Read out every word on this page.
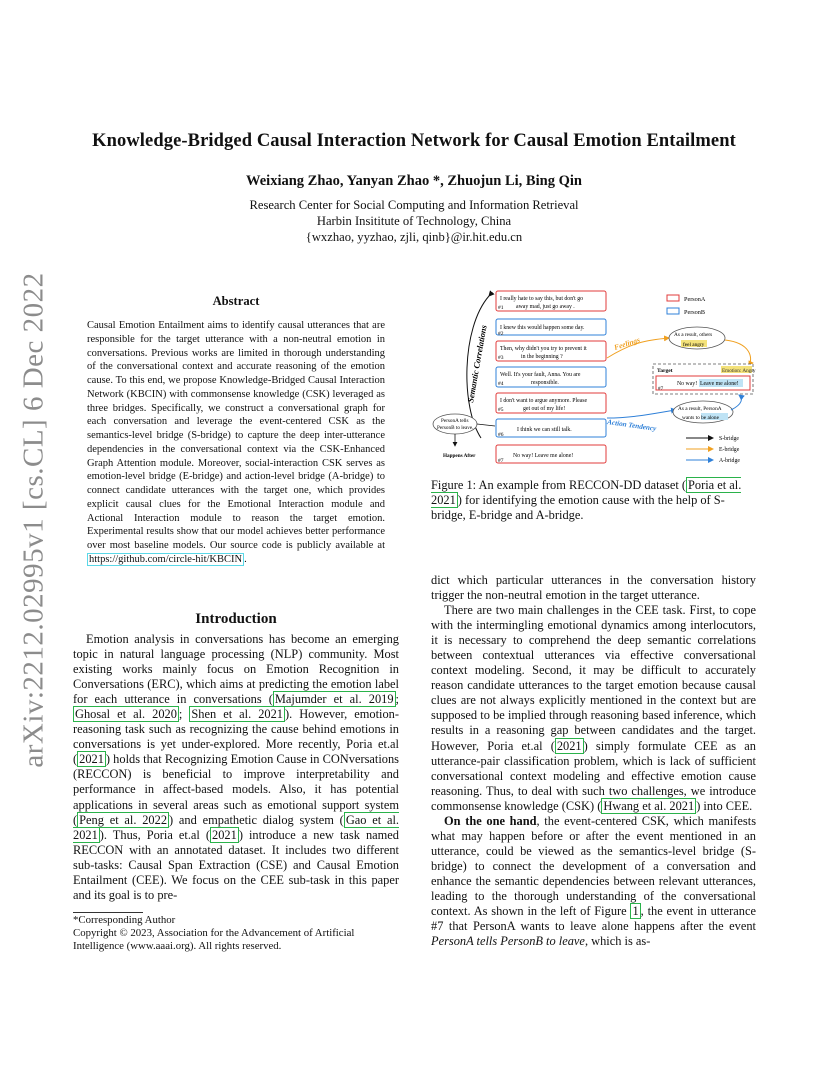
Knowledge-Bridged Causal Interaction Network for Causal Emotion Entailment
Weixiang Zhao, Yanyan Zhao *, Zhuojun Li, Bing Qin
Research Center for Social Computing and Information Retrieval
Harbin Insititute of Technology, China
{wxzhao, yyzhao, zjli, qinb}@ir.hit.edu.cn
arXiv:2212.02995v1 [cs.CL] 6 Dec 2022	Abstract
Causal Emotion Entailment aims to identify causal utterances that are responsible for the target utterance with a non-neutral emotion in conversations. Previous works are limited in thorough understanding of the conversational context and accurate reasoning of the emotion cause. To this end, we propose Knowledge-Bridged Causal Interaction Network (KBCIN) with commonsense knowledge (CSK) leveraged as three bridges. Specifically, we construct a conversational graph for each conversation and leverage the event-centered CSK as the semantics-level bridge (S-bridge) to capture the deep inter-utterance dependencies in the conversational context via the CSK-Enhanced Graph Attention module. Moreover, social-interaction CSK serves as emotion-level bridge (E-bridge) and action-level bridge (A-bridge) to connect candidate utterances with the target one, which provides explicit causal clues for the Emotional Interaction module and Actional Interaction module to reason the target emotion. Experimental results show that our model achieves better performance over most baseline models. Our source code is publicly available at https://github.com/circle-hit/KBCIN .
Introduction

Emotion analysis in conversations has become an emerging topic in natural language processing (NLP) community. Most existing works mainly focus on Emotion Recognition in Conversations (ERC), which aims at predicting the emotion label for each utterance in conversations ( Majumder et al. 2019 ; Ghosal et al. 2020 ; Shen et al. 2021 ). However, emotion-reasoning task such as recognizing the cause behind emotions in conversations is yet under-explored. More recently, Poria et.al ( 2021 ) holds that Recognizing Emotion Cause in CONversations (RECCON) is beneficial to improve interpretability and performance in affect-based models. Also, it has potential applications in several areas such as emotional support system ( Peng et al. 2022 ) and empathetic dialog system ( Gao et al. 2021 ). Thus, Poria et.al ( 2021 ) introduce a new task named RECCON with an annotated dataset. It includes two different sub-tasks: Causal Span Extraction (CSE) and Causal Emotion Entailment (CEE). We focus on the CEE sub-task in this paper and its goal is to pre-

*Corresponding Author
Copyright © 2023, Association for the Advancement of Artificial Intelligence (www.aaai.org). All rights reserved.
Semantic Correlations
I really hate to say this, but don't go
away mad, just go away .
#1
I knew this would happen some day.
#2
Then, why didn't you try to prevent it
in the beginning ?
#3
Well. It's your fault, Anna. You are
responsible.
#4
I don't want to argue anymore. Please
get out of my life!
#5
I think we can still talk.
#6
No way! Leave me alone!
#7
PersonA tells
PersonB to leave.
Happens After
PersonA
PersonB
Feelings
As a result, others
feel angry
Target	Emotion: Angry
No way! Leave me alone!
#7
Action Tendency
As a result, PersonA
wants to be alone
S-bridge
E-bridge
A-bridge
Figure 1: An example from RECCON-DD dataset ( Poria et al. 2021 ) for identifying the emotion cause with the help of S-bridge, E-bridge and A-bridge.

dict which particular utterances in the conversation history trigger the non-neutral emotion in the target utterance.

There are two main challenges in the CEE task. First, to cope with the intermingling emotional dynamics among interlocutors, it is necessary to comprehend the deep semantic correlations between contextual utterances via effective conversational context modeling. Second, it may be difficult to accurately reason candidate utterances to the target emotion because causal clues are not always explicitly mentioned in the context but are supposed to be implied through reasoning based inference, which results in a reasoning gap between candidates and the target. However, Poria et.al ( 2021 ) simply formulate CEE as an utterance-pair classification problem, which is lack of sufficient conversational context modeling and effective emotion cause reasoning. Thus, to deal with such two challenges, we introduce commonsense knowledge (CSK) ( Hwang et al. 2021 ) into CEE.

On the one hand, the event-centered CSK, which manifests what may happen before or after the event mentioned in an utterance, could be viewed as the semantics-level bridge (S-bridge) to connect the development of a conversation and enhance the semantic dependencies between relevant utterances, leading to the thorough understanding of the conversational context. As shown in the left of Figure 1 , the event in utterance #7 that PersonA wants to leave alone happens after the event PersonA tells PersonB to leave, which is as-
